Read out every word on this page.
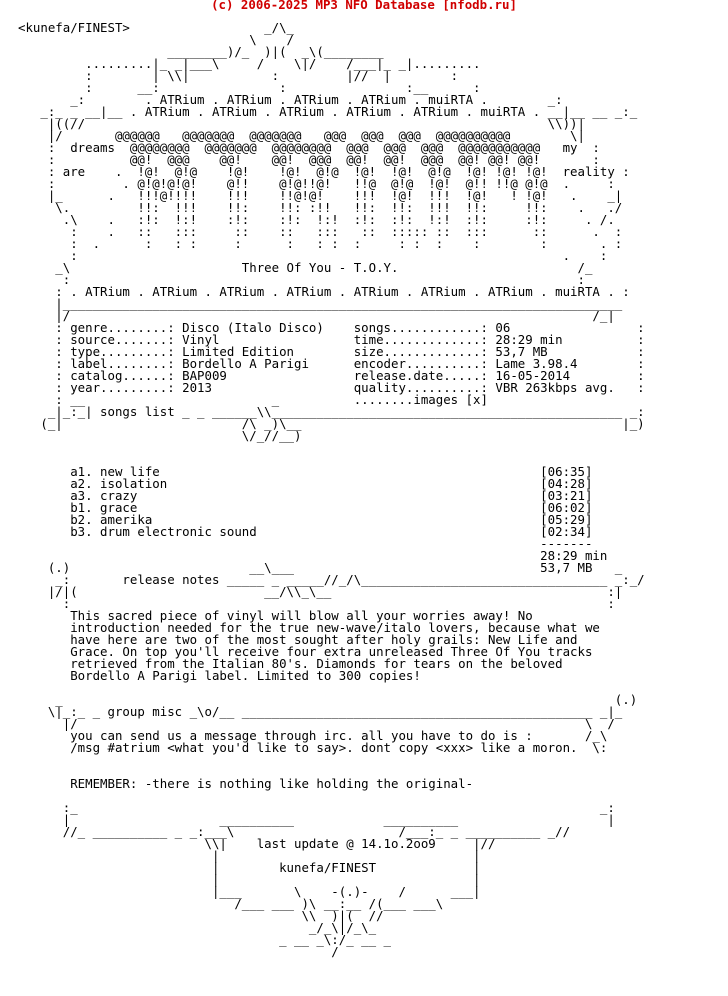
(c) 2006-2025 MP3 NFO Database [nfodb.ru]
<kunefa/FINEST>                  _/\_
\    /
________)/_  )|(  _\(________
.........|_ _|___\     /    \|/    /___|_ _|.........
:        | \\|           :         |//  |        :
:      __:                :                :__      :
_:        . ATRium . ATRium . ATRium . ATRium . muiRTA .        _:
_:_ _ __|__ . ATRium . ATRium . ATRium . ATRium . ATRium . muiRTA . __|__ __ _:_
|((//                                                              \\))|
|/       @@@@@@   @@@@@@@  @@@@@@@   @@@  @@@  @@@  @@@@@@@@@@        \|
:  dreams  @@@@@@@@  @@@@@@@  @@@@@@@@  @@@  @@@  @@@  @@@@@@@@@@@   my  :
:          @@!  @@@    @@!    @@!  @@@  @@!  @@!  @@@  @@! @@! @@!       :
: are    .  !@!  @!@    !@!    !@!  @!@  !@!  !@!  @!@  !@! !@! !@!  reality :
:         . @!@!@!@!    @!!    @!@!!@!   !!@  @!@  !@!  @!! !!@ @!@  .     :
|_      .   !!!@!!!!    !!!    !!@!@!    !!!  !@!  !!!  !@!   ! !@!   .    _|
\.         !!:  !!!    !!:    !!: :!!   !!:  !!:  !!!  !!:     !!:    .   ./
.\    .   :!:  !:!    :!:    :!:  !:!  :!:  :!:  !:!  :!:     :!:     . /.
:    .   ::   :::     ::    ::   :::   ::  ::::: ::  :::      ::      .  :
:  .      :   : :     :      :   : :  :     : :  :    :        :       . :
:                                                                 .    :
_\                       Three Of You - T.O.Y.                        /_
:                                                                    :
: . ATRium . ATRium . ATRium . ATRium . ATRium . ATRium . ATRium . muiRTA . :
|___________________________________________________________________________
|/                                                                      /_|
: genre........: Disco (Italo Disco)    songs............: 06                 :
: source.......: Vinyl                  time.............: 28:29 min          :
: type.........: Limited Edition        size.............: 53,7 MB            :
: label........: Bordello A Parigi      encoder..........: Lame 3.98.4        :
: catalog......: BAP009                 release.date.....: 16-05-2014         :
: year.........: 2013                   quality..........: VBR 263kbps avg.   :
: __                         _          ........images [x]
_|_:_| songs list _ _ ______\\_______________________________________________ _:
(_|                        /\ _)\__                                           |_)
\/_//__)

a1. new life                                                   [06:35]
a2. isolation                                                  [04:28]
a3. crazy                                                      [03:21]
b1. grace                                                      [06:02]
b2. amerika                                                    [05:29]
b3. drum electronic sound                                      [02:34]
-------
28:29 min
(.)                        __\___                                 53,7 MB   _
_:       release notes _____ _ _____//_/\_________________________________ _:_/
|/|(                         __/\\_\__                                     :|
:                                                                        :
This sacred piece of vinyl will blow all your worries away! No
introduction needed for the true new-wave/italo lovers, because what we
have here are two of the most sought after holy grails: New Life and
Grace. On top you'll receive four extra unreleased Three Of You tracks
retrieved from the Italian 80's. Diamonds for tears on the beloved
Bordello A Parigi label. Limited to 300 copies!

_                                                                          (.)
\|_:_ _ group misc _\o/__ _______________________________________________ _|_
|/                                                                    \  /
you can send us a message through irc. all you have to do is :       /_\
/msg #atrium <what you'd like to say>. dont copy <xxx> like a moron.  \:

REMEMBER: -there is nothing like holding the original-

:_                                                                      _:
|                    __________            __________                    |
//_ __________ _ _:___\                      /___:_ _ __________ _//
\\|    last update @ 14.1o.2oo9     |//
|                                  |
|        kunefa/FINEST             |
|                                  |
|___       \    -(.)-    /      ___|
/___ ___ )\ __:__ /(___ ___\
\\  )|(  //
_/_\|/_\_
_ __ _\:/_ __ _
/
